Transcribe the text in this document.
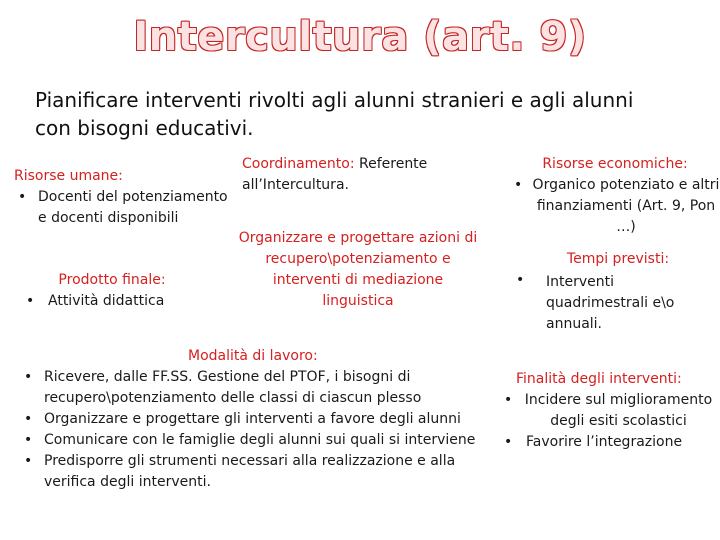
Intercultura (art. 9)
Pianificare interventi rivolti agli alunni stranieri e agli alunni con bisogni educativi.
Risorse umane:
• Docenti del potenziamento e docenti disponibili
Prodotto finale:
• Attività didattica
Coordinamento: Referente all’Intercultura.
Organizzare e progettare azioni di recupero\potenziamento e interventi di mediazione linguistica
Risorse economiche:
• Organico potenziato e altri finanziamenti (Art. 9, Pon …)
Tempi previsti:
• Interventi quadrimestrali e\o annuali.
Modalità di lavoro:
• Ricevere, dalle FF.SS. Gestione del PTOF, i bisogni di recupero\potenziamento delle classi di ciascun plesso
• Organizzare e progettare gli interventi a favore degli alunni
• Comunicare con le famiglie degli alunni sui quali si interviene
• Predisporre gli strumenti necessari alla realizzazione e alla verifica degli interventi.
Finalità degli interventi:
• Incidere sul miglioramento degli esiti scolastici
• Favorire l’integrazione
